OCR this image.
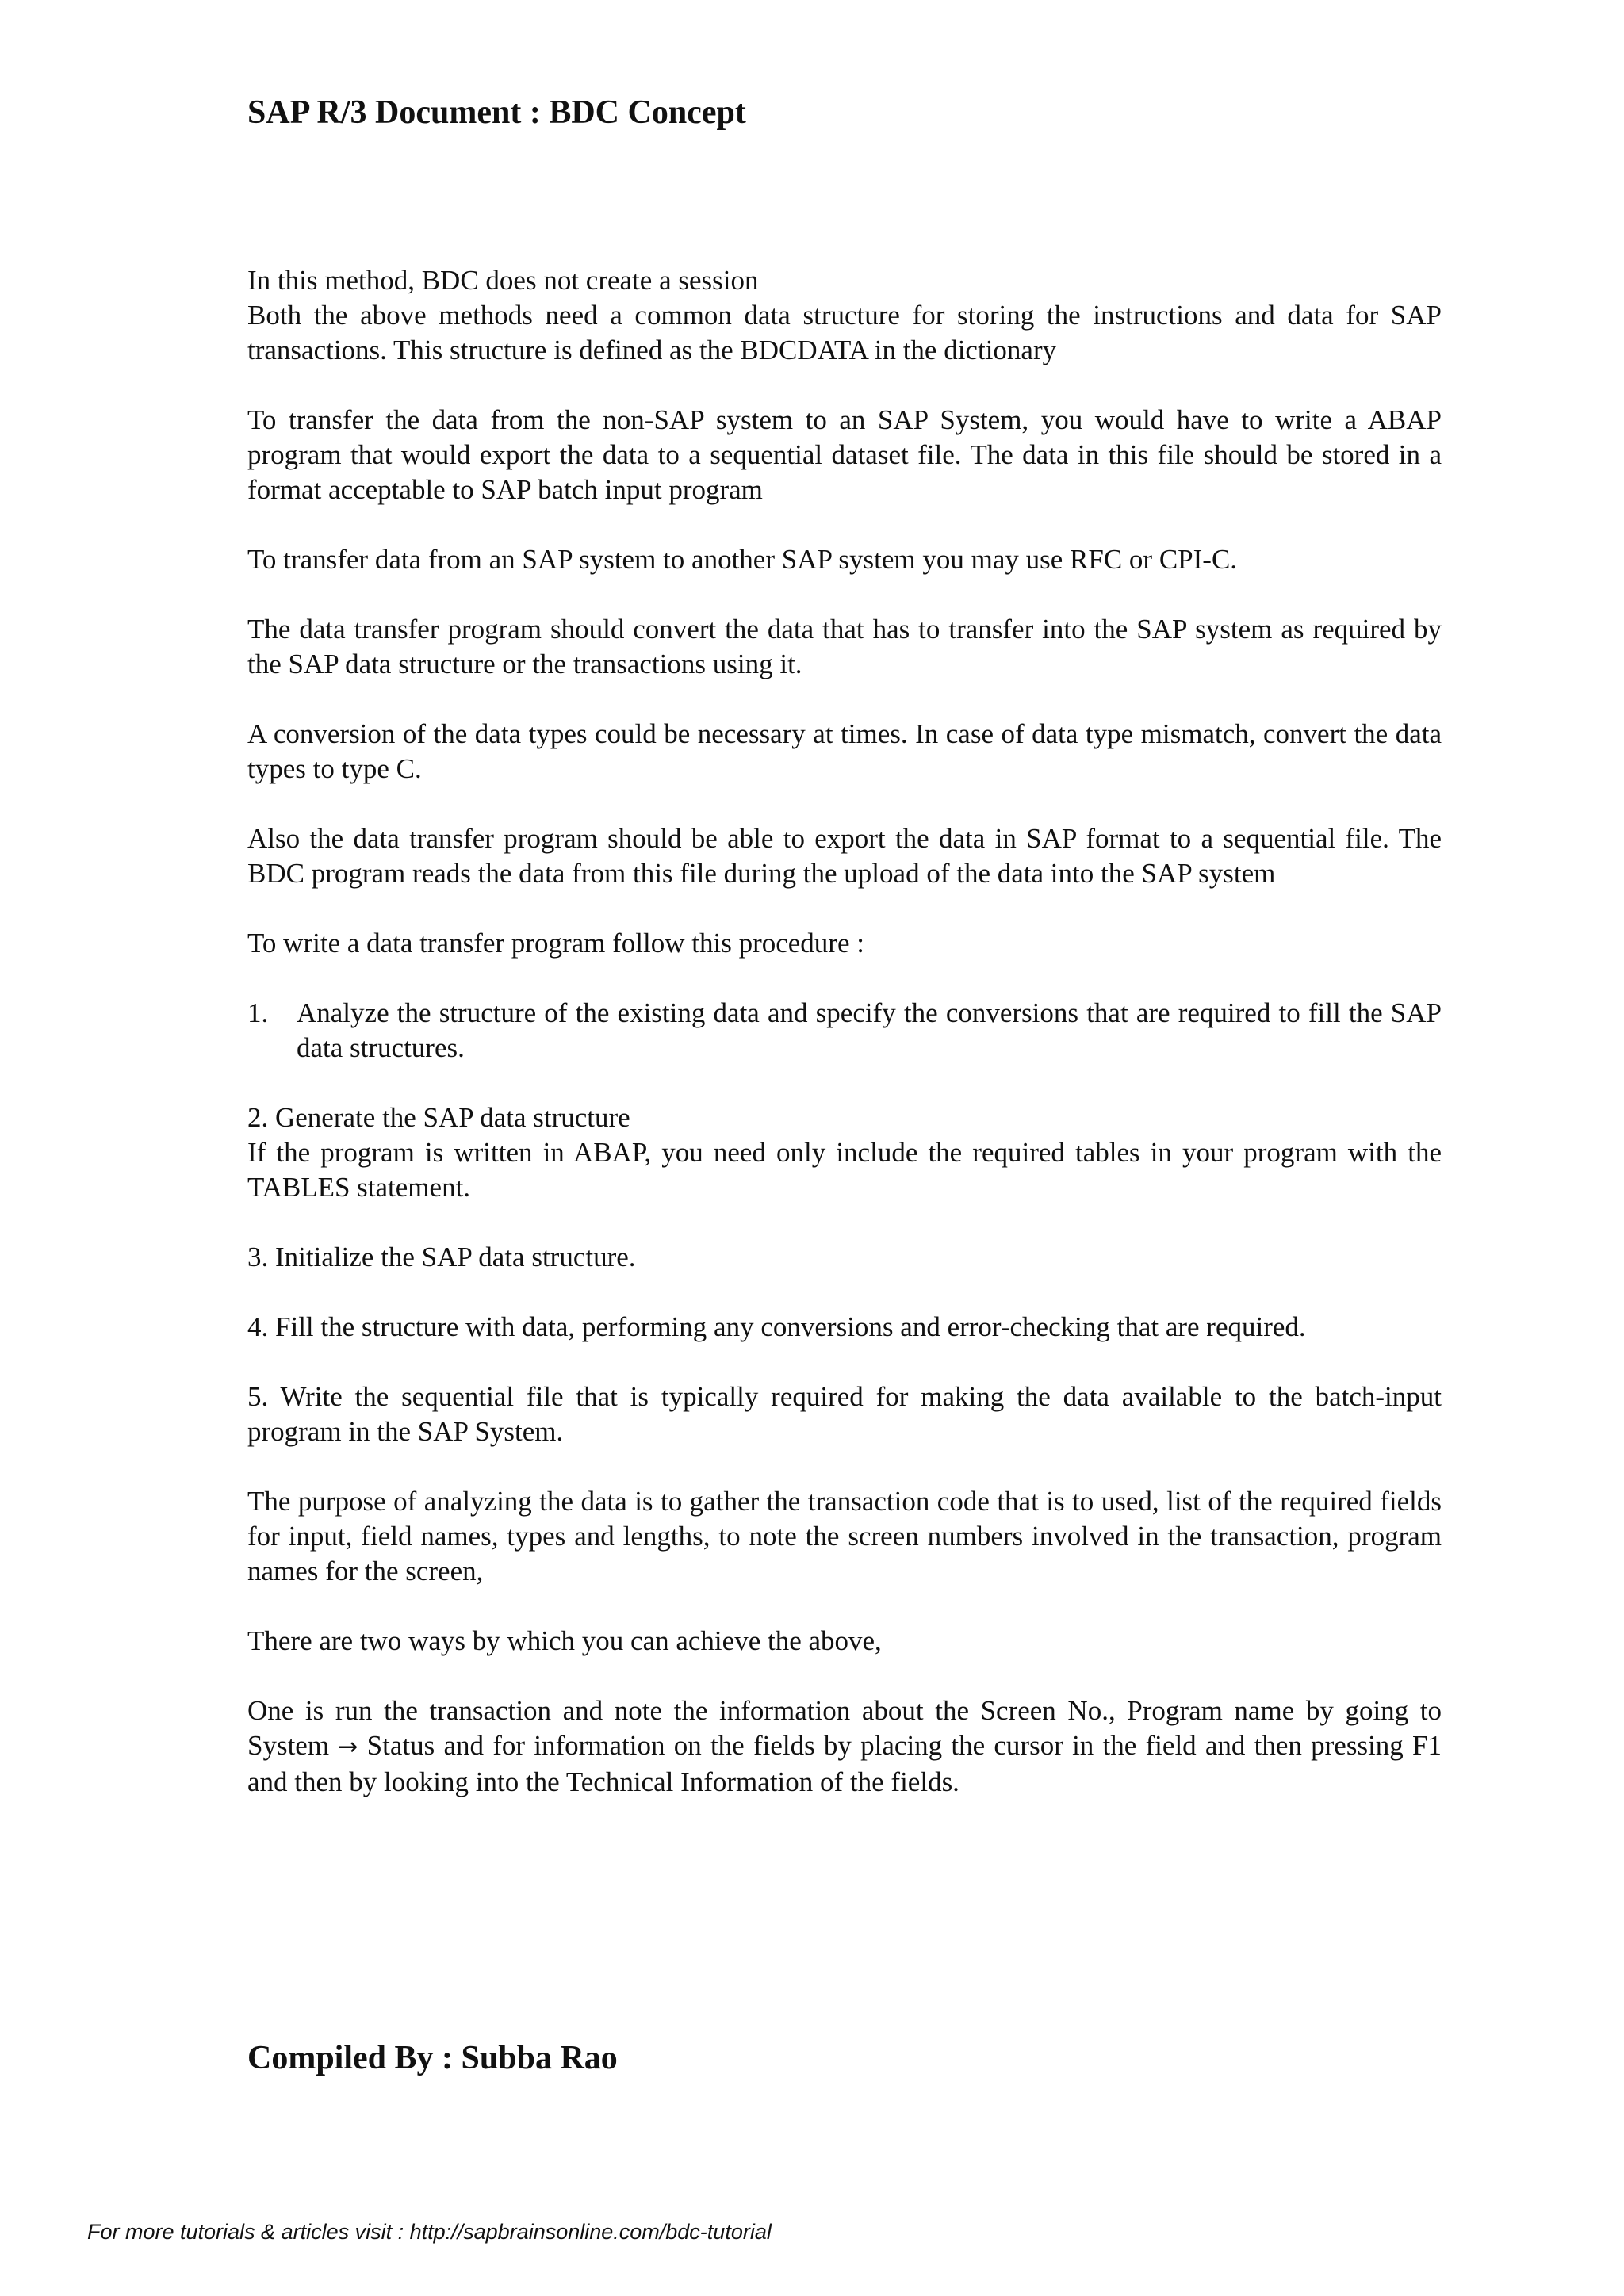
SAP R/3 Document : BDC Concept

In this method, BDC does not create a session

Both the above methods need a common data structure for storing the instructions and data for SAP transactions. This structure is defined as the BDCDATA in the dictionary

To transfer the data from the non-SAP system to an SAP System, you would have to write a ABAP program that would export the data to a sequential dataset file. The data in this file should be stored in a format acceptable to SAP batch input program

To transfer data from an SAP system to another SAP system you may use RFC or CPI-C.

The data transfer program should convert the data that has to transfer into the SAP system as required by the SAP data structure or the transactions using it.

A conversion of the data types could be necessary at times. In case of data type mismatch, convert the data types to type C.

Also the data transfer program should be able to export the data in SAP format to a sequential file. The BDC program reads the data from this file during the upload of the data into the SAP system

To write a data transfer program follow this procedure :

1.	Analyze the structure of the existing data and specify the conversions that are required to fill the SAP data structures.

2. Generate the SAP data structure

If the program is written in ABAP, you need only include the required tables in your program with the TABLES statement.

3. Initialize the SAP data structure.

4. Fill the structure with data, performing any conversions and error-checking that are required.

5. Write the sequential file that is typically required for making the data available to the batch-input program in the SAP System.

The purpose of analyzing the data is to gather the transaction code that is to used, list of the required fields for input, field names, types and lengths, to note the screen numbers involved in the transaction, program names for the screen,

There are two ways by which you can achieve the above,

One is run the transaction and note the information about the Screen No., Program name by going to System → Status and for information on the fields by placing the cursor in the field and then pressing F1 and then by looking into the Technical Information of the fields.

Compiled By : Subba Rao
For more tutorials & articles visit : http://sapbrainsonline.com/bdc-tutorial
